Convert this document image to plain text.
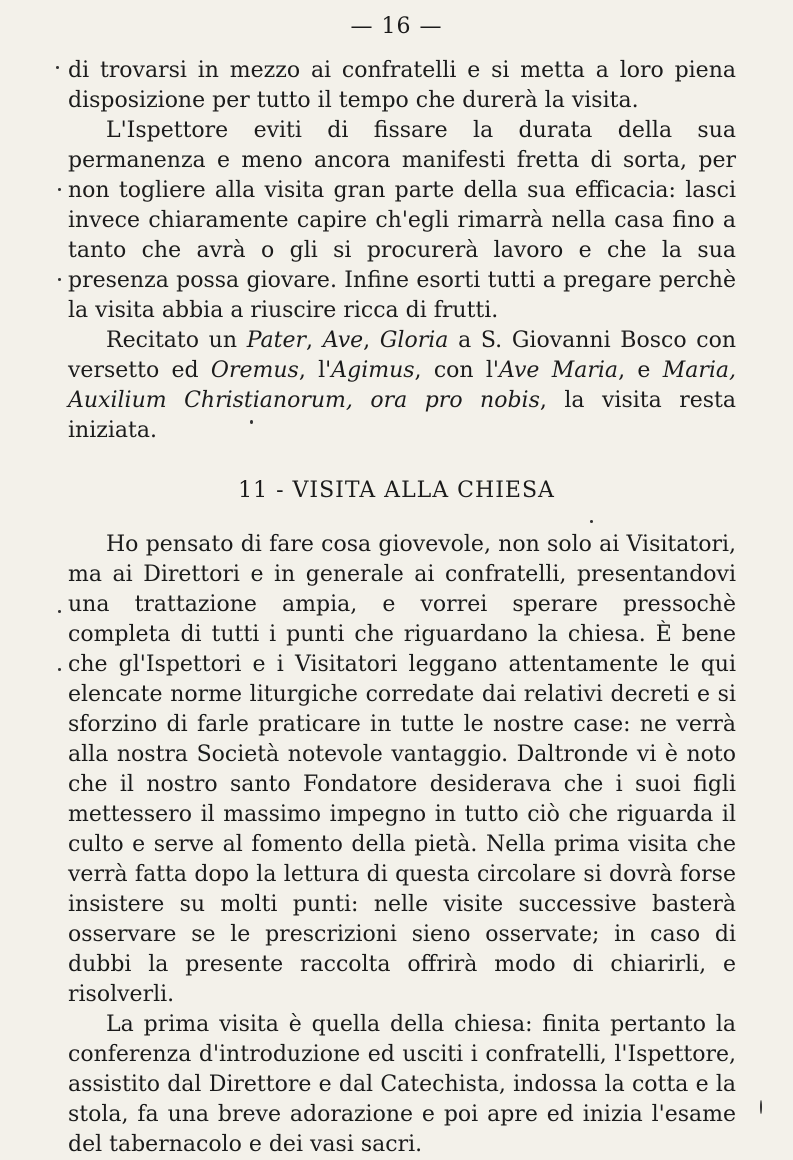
— 16 —

di trovarsi in mezzo ai confratelli e si metta a loro piena disposizione per tutto il tempo che durerà la visita.

L'Ispettore eviti di fissare la durata della sua permanenza e meno ancora manifesti fretta di sorta, per non togliere alla visita gran parte della sua efficacia: lasci invece chiaramente capire ch'egli rimarrà nella casa fino a tanto che avrà o gli si procurerà lavoro e che la sua presenza possa giovare. Infine esorti tutti a pregare perchè la visita abbia a riuscire ricca di frutti.

Recitato un Pater, Ave, Gloria a S. Giovanni Bosco con versetto ed Oremus, l'Agimus, con l'Ave Maria, e Maria, Auxilium Christianorum, ora pro nobis, la visita resta iniziata.

11 - VISITA ALLA CHIESA

Ho pensato di fare cosa giovevole, non solo ai Visitatori, ma ai Direttori e in generale ai confratelli, presentandovi una trattazione ampia, e vorrei sperare pressochè completa di tutti i punti che riguardano la chiesa. È bene che gl'Ispettori e i Visitatori leggano attentamente le qui elencate norme liturgiche corredate dai relativi decreti e si sforzino di farle praticare in tutte le nostre case: ne verrà alla nostra Società notevole vantaggio. Daltronde vi è noto che il nostro santo Fondatore desiderava che i suoi figli mettessero il massimo impegno in tutto ciò che riguarda il culto e serve al fomento della pietà. Nella prima visita che verrà fatta dopo la lettura di questa circolare si dovrà forse insistere su molti punti: nelle visite successive basterà osservare se le prescrizioni sieno osservate; in caso di dubbi la presente raccolta offrirà modo di chiarirli, e risolverli.

La prima visita è quella della chiesa: finita pertanto la conferenza d'introduzione ed usciti i confratelli, l'Ispettore, assistito dal Direttore e dal Catechista, indossa la cotta e la stola, fa una breve adorazione e poi apre ed inizia l'esame del tabernacolo e dei vasi sacri.
